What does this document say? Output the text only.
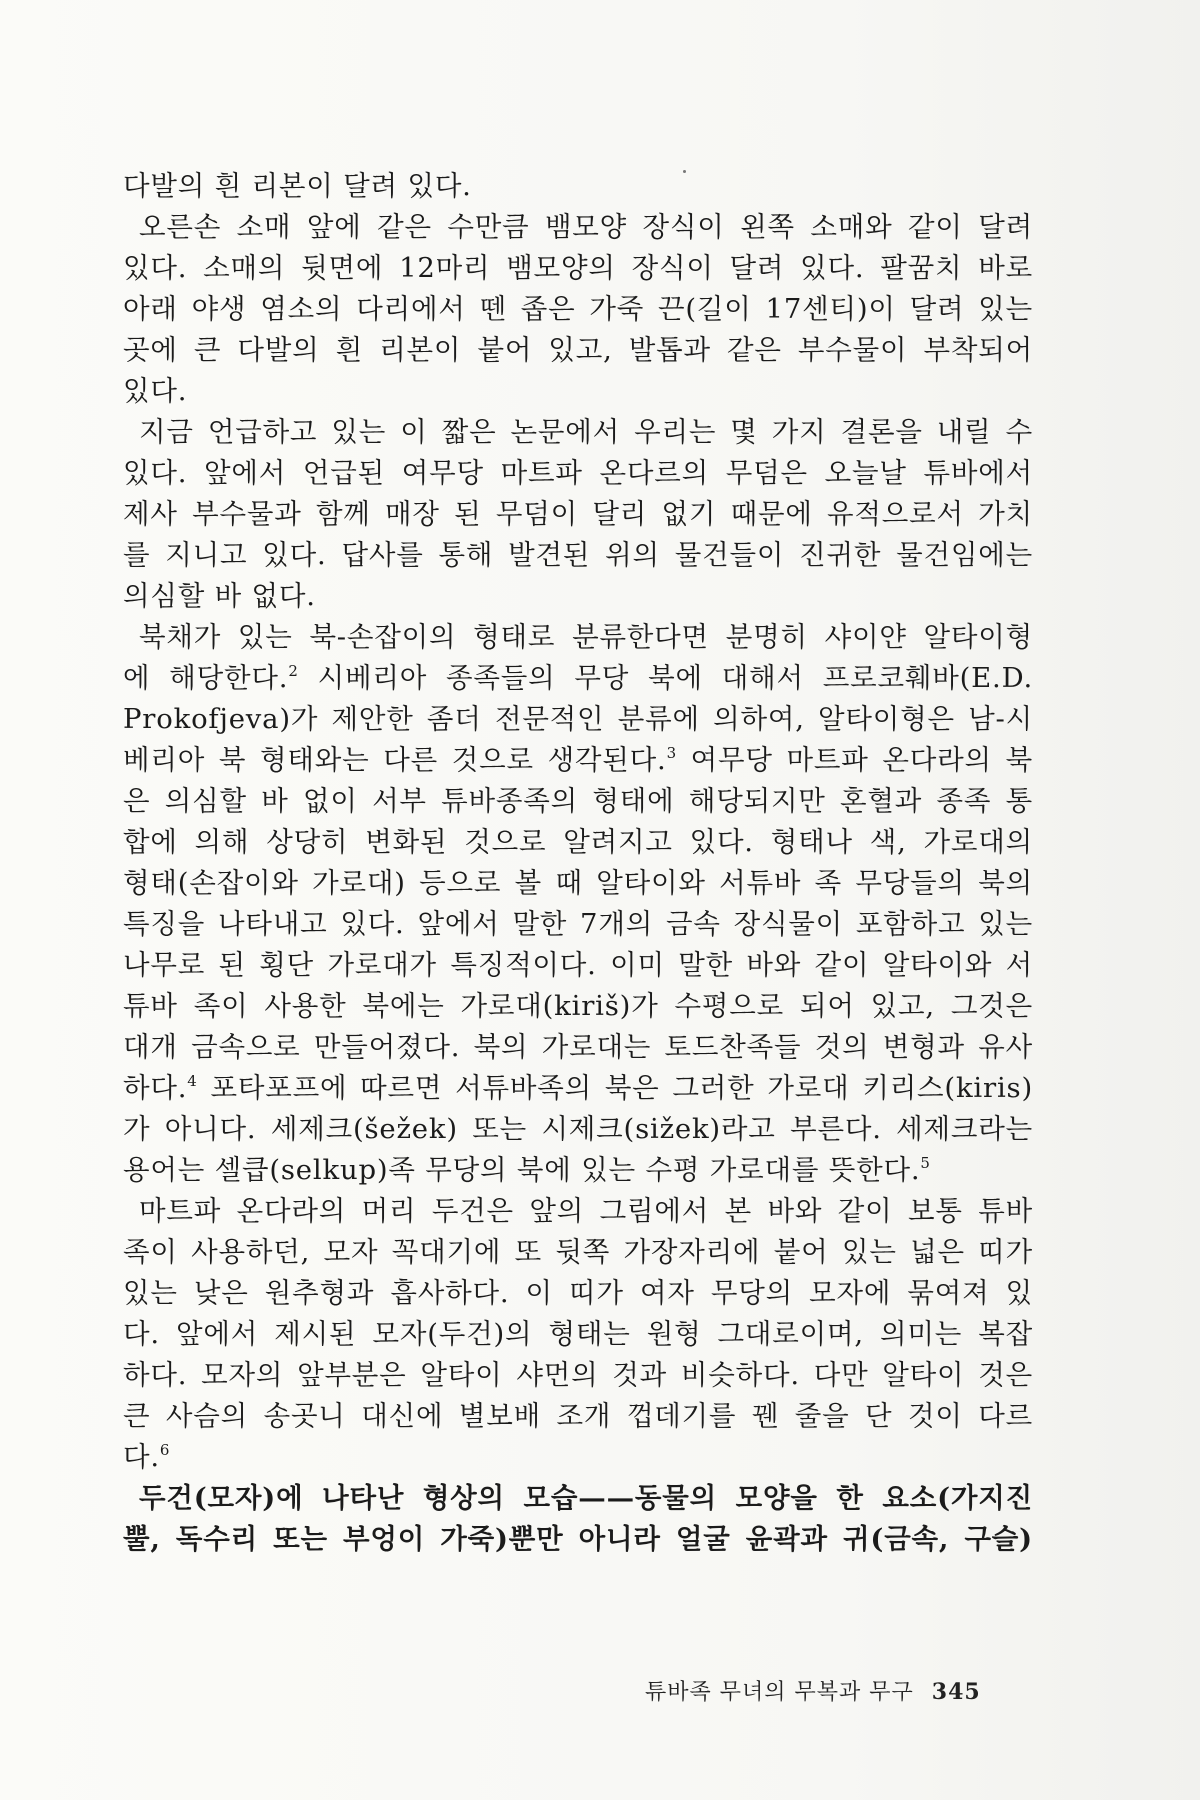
다발의 흰 리본이 달려 있다.
오른손 소매 앞에 같은 수만큼 뱀모양 장식이 왼쪽 소매와 같이 달려
있다. 소매의 뒷면에 12마리 뱀모양의 장식이 달려 있다. 팔꿈치 바로
아래 야생 염소의 다리에서 뗀 좁은 가죽 끈(길이 17센티)이 달려 있는
곳에 큰 다발의 흰 리본이 붙어 있고, 발톱과 같은 부수물이 부착되어
있다.
지금 언급하고 있는 이 짧은 논문에서 우리는 몇 가지 결론을 내릴 수
있다. 앞에서 언급된 여무당 마트파 온다르의 무덤은 오늘날 튜바에서
제사 부수물과 함께 매장 된 무덤이 달리 없기 때문에 유적으로서 가치
를 지니고 있다. 답사를 통해 발견된 위의 물건들이 진귀한 물건임에는
의심할 바 없다.
북채가 있는 북-손잡이의 형태로 분류한다면 분명히 샤이얀 알타이형
에 해당한다.$^2$ 시베리아 종족들의 무당 북에 대해서 프로코훼바(E.D.
Prokofjeva)가 제안한 좀더 전문적인 분류에 의하여, 알타이형은 남-시
베리아 북 형태와는 다른 것으로 생각된다.$^3$ 여무당 마트파 온다라의 북
은 의심할 바 없이 서부 튜바종족의 형태에 해당되지만 혼혈과 종족 통
합에 의해 상당히 변화된 것으로 알려지고 있다. 형태나 색, 가로대의
형태(손잡이와 가로대) 등으로 볼 때 알타이와 서튜바 족 무당들의 북의
특징을 나타내고 있다. 앞에서 말한 7개의 금속 장식물이 포함하고 있는
나무로 된 횡단 가로대가 특징적이다. 이미 말한 바와 같이 알타이와 서
튜바 족이 사용한 북에는 가로대(kiriš)가 수평으로 되어 있고, 그것은
대개 금속으로 만들어졌다. 북의 가로대는 토드찬족들 것의 변형과 유사
하다.$^4$ 포타포프에 따르면 서튜바족의 북은 그러한 가로대 키리스(kiris)
가 아니다. 세제크(šežek) 또는 시제크(sižek)라고 부른다. 세제크라는
용어는 셀큽(selkup)족 무당의 북에 있는 수평 가로대를 뜻한다.$^5$
마트파 온다라의 머리 두건은 앞의 그림에서 본 바와 같이 보통 튜바
족이 사용하던, 모자 꼭대기에 또 뒷쪽 가장자리에 붙어 있는 넓은 띠가
있는 낮은 원추형과 흡사하다. 이 띠가 여자 무당의 모자에 묶여져 있
다. 앞에서 제시된 모자(두건)의 형태는 원형 그대로이며, 의미는 복잡
하다. 모자의 앞부분은 알타이 샤먼의 것과 비슷하다. 다만 알타이 것은
큰 사슴의 송곳니 대신에 별보배 조개 껍데기를 꿴 줄을 단 것이 다르
다.$^6$
두건(모자)에 나타난 형상의 모습——동물의 모양을 한 요소(가지진
뿔, 독수리 또는 부엉이 가죽)뿐만 아니라 얼굴 윤곽과 귀(금속, 구슬)
튜바족 무녀의 무복과 무구 345
